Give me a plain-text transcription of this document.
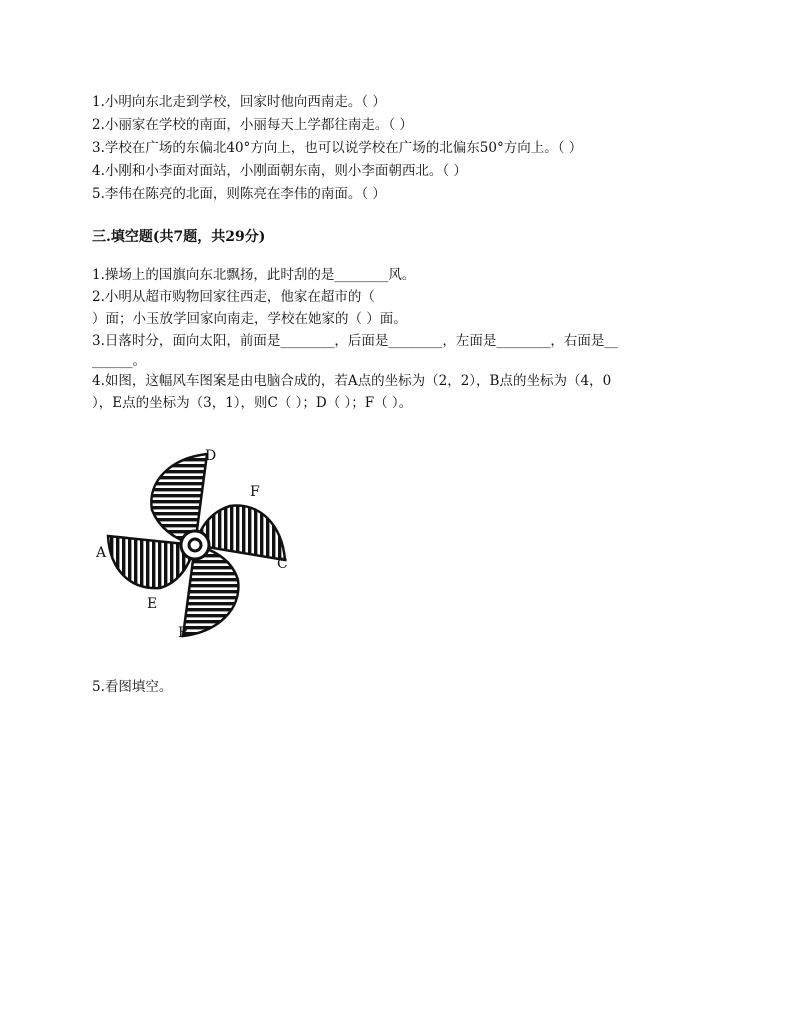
1.小明向东北走到学校，回家时他向西南走。（ ）
2.小丽家在学校的南面，小丽每天上学都往南走。（ ）
3.学校在广场的东偏北40°方向上，也可以说学校在广场的北偏东50°方向上。（ ）
4.小刚和小李面对面站，小刚面朝东南，则小李面朝西北。（ ）
5.李伟在陈亮的北面，则陈亮在李伟的南面。（ ）
三.填空题(共7题，共29分)
1.操场上的国旗向东北飘扬，此时刮的是________风。
2.小明从超市购物回家往西走，他家在超市的（
）面；小玉放学回家向南走，学校在她家的（ ）面。
3.日落时分，面向太阳，前面是________，后面是________，左面是________，右面是__
______。
4.如图，这幅风车图案是由电脑合成的，若A点的坐标为（2，2），B点的坐标为（4，0
），E点的坐标为（3，1），则C（ ）；D（ ）；F（ ）。
D
F
A
C
E
B
5.看图填空。
